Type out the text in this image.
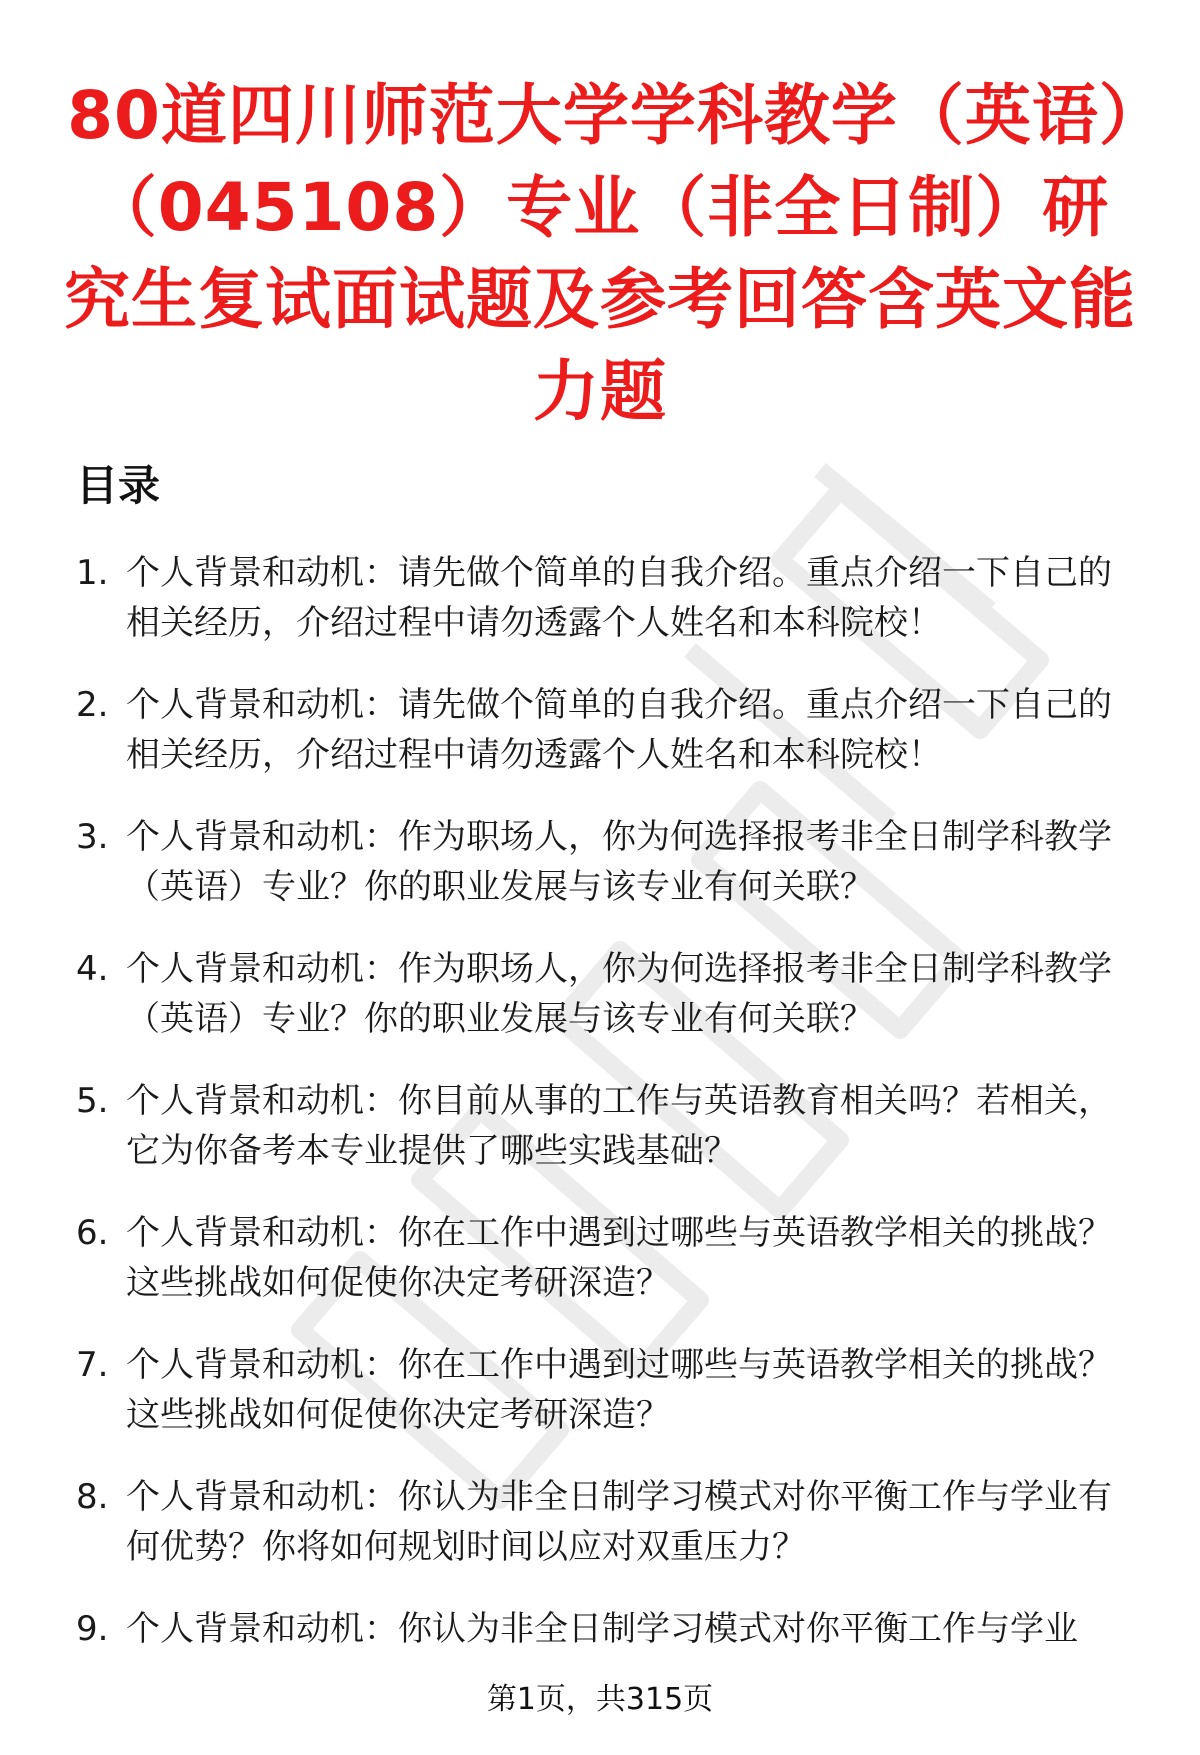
80道四川师范大学学科教学（英语）（045108）专业（非全日制）研究生复试面试题及参考回答含英文能力题
目录
1. 个人背景和动机：请先做个简单的自我介绍。重点介绍一下自己的相关经历，介绍过程中请勿透露个人姓名和本科院校！
2. 个人背景和动机：请先做个简单的自我介绍。重点介绍一下自己的相关经历，介绍过程中请勿透露个人姓名和本科院校！
3. 个人背景和动机：作为职场人，你为何选择报考非全日制学科教学（英语）专业？你的职业发展与该专业有何关联？
4. 个人背景和动机：作为职场人，你为何选择报考非全日制学科教学（英语）专业？你的职业发展与该专业有何关联？
5. 个人背景和动机：你目前从事的工作与英语教育相关吗？若相关，它为你备考本专业提供了哪些实践基础？
6. 个人背景和动机：你在工作中遇到过哪些与英语教学相关的挑战？这些挑战如何促使你决定考研深造？
7. 个人背景和动机：你在工作中遇到过哪些与英语教学相关的挑战？这些挑战如何促使你决定考研深造？
8. 个人背景和动机：你认为非全日制学习模式对你平衡工作与学业有何优势？你将如何规划时间以应对双重压力？
9. 个人背景和动机：你认为非全日制学习模式对你平衡工作与学业
第1页，共315页
